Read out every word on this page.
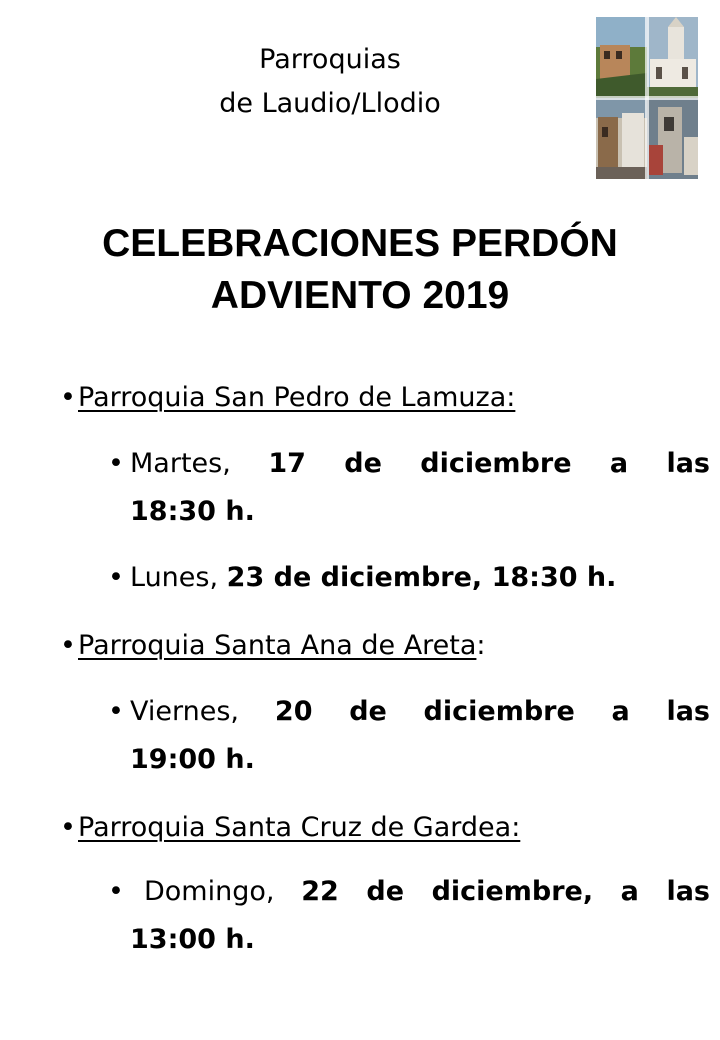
Parroquias
de Laudio/Llodio
CELEBRACIONES PERDÓN
ADVIENTO 2019
•Parroquia San Pedro de Lamuza:
• Martes, 17 de diciembre a las
18:30 h.
• Lunes, 23 de diciembre, 18:30 h.
•Parroquia Santa Ana de Areta:
• Viernes, 20 de diciembre a las
19:00 h.
•Parroquia Santa Cruz de Gardea:
• Domingo, 22 de diciembre, a las
13:00 h.
